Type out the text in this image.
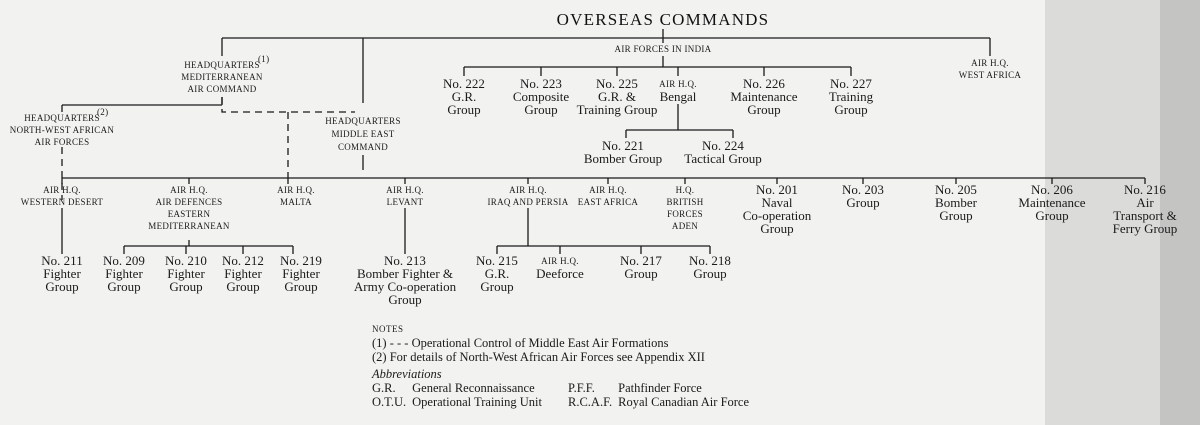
OVERSEAS COMMANDS
HEADQUARTERS
(1)
MEDITERRANEAN
AIR COMMAND
AIR FORCES IN INDIA
AIR H.Q.
WEST AFRICA
HEADQUARTERS
(2)
NORTH-WEST AFRICAN
AIR FORCES
HEADQUARTERS
MIDDLE EAST
COMMAND
No. 222
G.R.
Group
No. 223
Composite
Group
No. 225
G.R. &
Training Group
AIR H.Q.
Bengal
No. 226
Maintenance
Group
No. 227
Training
Group
No. 221
Bomber Group
No. 224
Tactical Group
AIR H.Q.
WESTERN DESERT
AIR H.Q.
AIR DEFENCES
EASTERN
MEDITERRANEAN
AIR H.Q.
MALTA
AIR H.Q.
LEVANT
AIR H.Q.
IRAQ AND PERSIA
AIR H.Q.
EAST AFRICA
H.Q.
BRITISH
FORCES
ADEN
No. 201
Naval
Co-operation
Group
No. 203
Group
No. 205
Bomber
Group
No. 206
Maintenance
Group
No. 216
Air
Transport &
Ferry Group
No. 211
Fighter
Group
No. 209
Fighter
Group
No. 210
Fighter
Group
No. 212
Fighter
Group
No. 219
Fighter
Group
No. 213
Bomber Fighter &
Army Co-operation
Group
No. 215
G.R.
Group
AIR H.Q.
Deeforce
No. 217
Group
No. 218
Group
NOTES
(1) - - - Operational Control of Middle East Air Formations
(2) For details of North-West African Air Forces see Appendix XII
Abbreviations
G.R.	General Reconnaissance	P.F.F.	Pathfinder Force
O.T.U.	Operational Training Unit	R.C.A.F.	Royal Canadian Air Force
